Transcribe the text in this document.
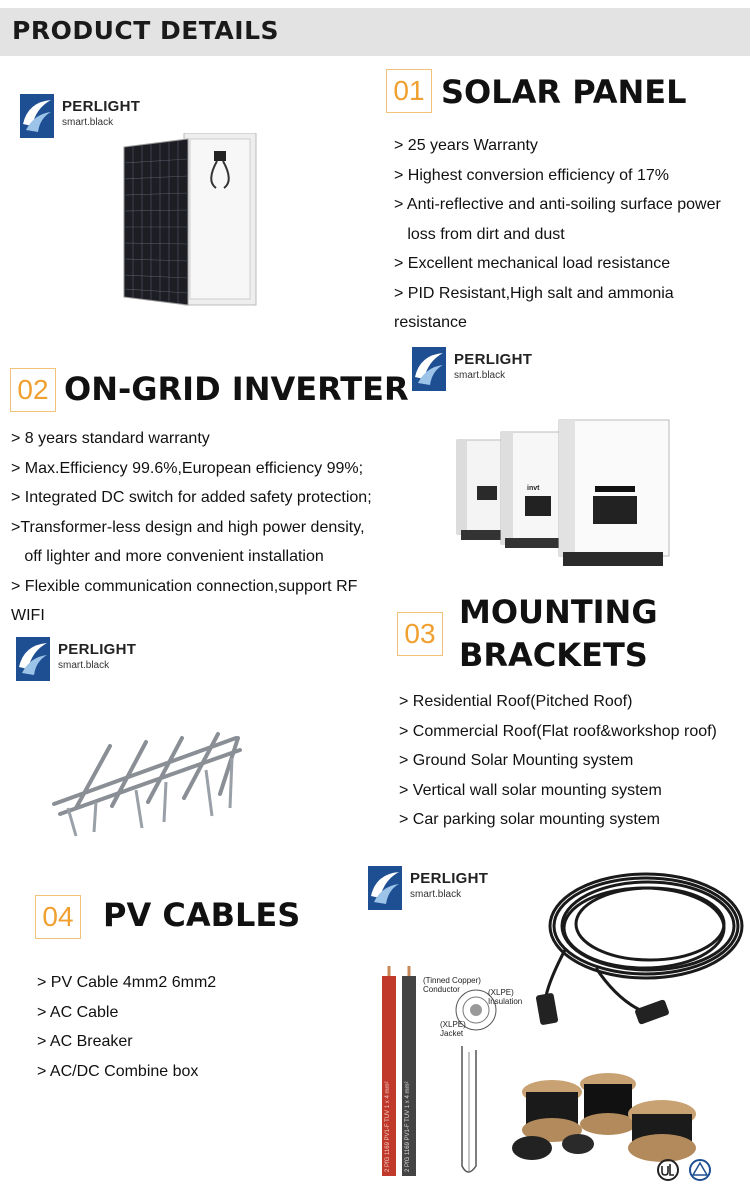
PRODUCT DETAILS
PERLIGHT
smart.black
01 SOLAR PANEL
> 25 years Warranty
> Highest conversion efficiency of 17%
> Anti-reflective and anti-soiling surface power
loss from dirt and dust
> Excellent mechanical load resistance
> PID Resistant,High salt and ammonia
resistance
PERLIGHT
smart.black
02 ON-GRID INVERTER
> 8 years standard warranty
> Max.Efficiency 99.6%,European efficiency 99%;
> Integrated DC switch for added safety protection;
>Transformer-less design and high power density,
off lighter and more convenient installation
> Flexible communication connection,support RF
WIFI
invt
PERLIGHT
smart.black
03
MOUNTING
BRACKETS
> Residential Roof(Pitched Roof)
> Commercial Roof(Flat roof&workshop roof)
> Ground Solar Mounting system
> Vertical wall solar mounting system
> Car parking solar mounting system
PERLIGHT
smart.black
04 PV CABLES
> PV Cable 4mm2 6mm2
> AC Cable
> AC Breaker
> AC/DC Combine box
(Tinned Copper)
Conductor	(XLPE)
Insulation
(XLPE)
Jacket
2 PfG 1169 PV1-F TUV 1 x 4 mm² 2 PfG 1169 PV1-F TUV 1 x 4 mm²
